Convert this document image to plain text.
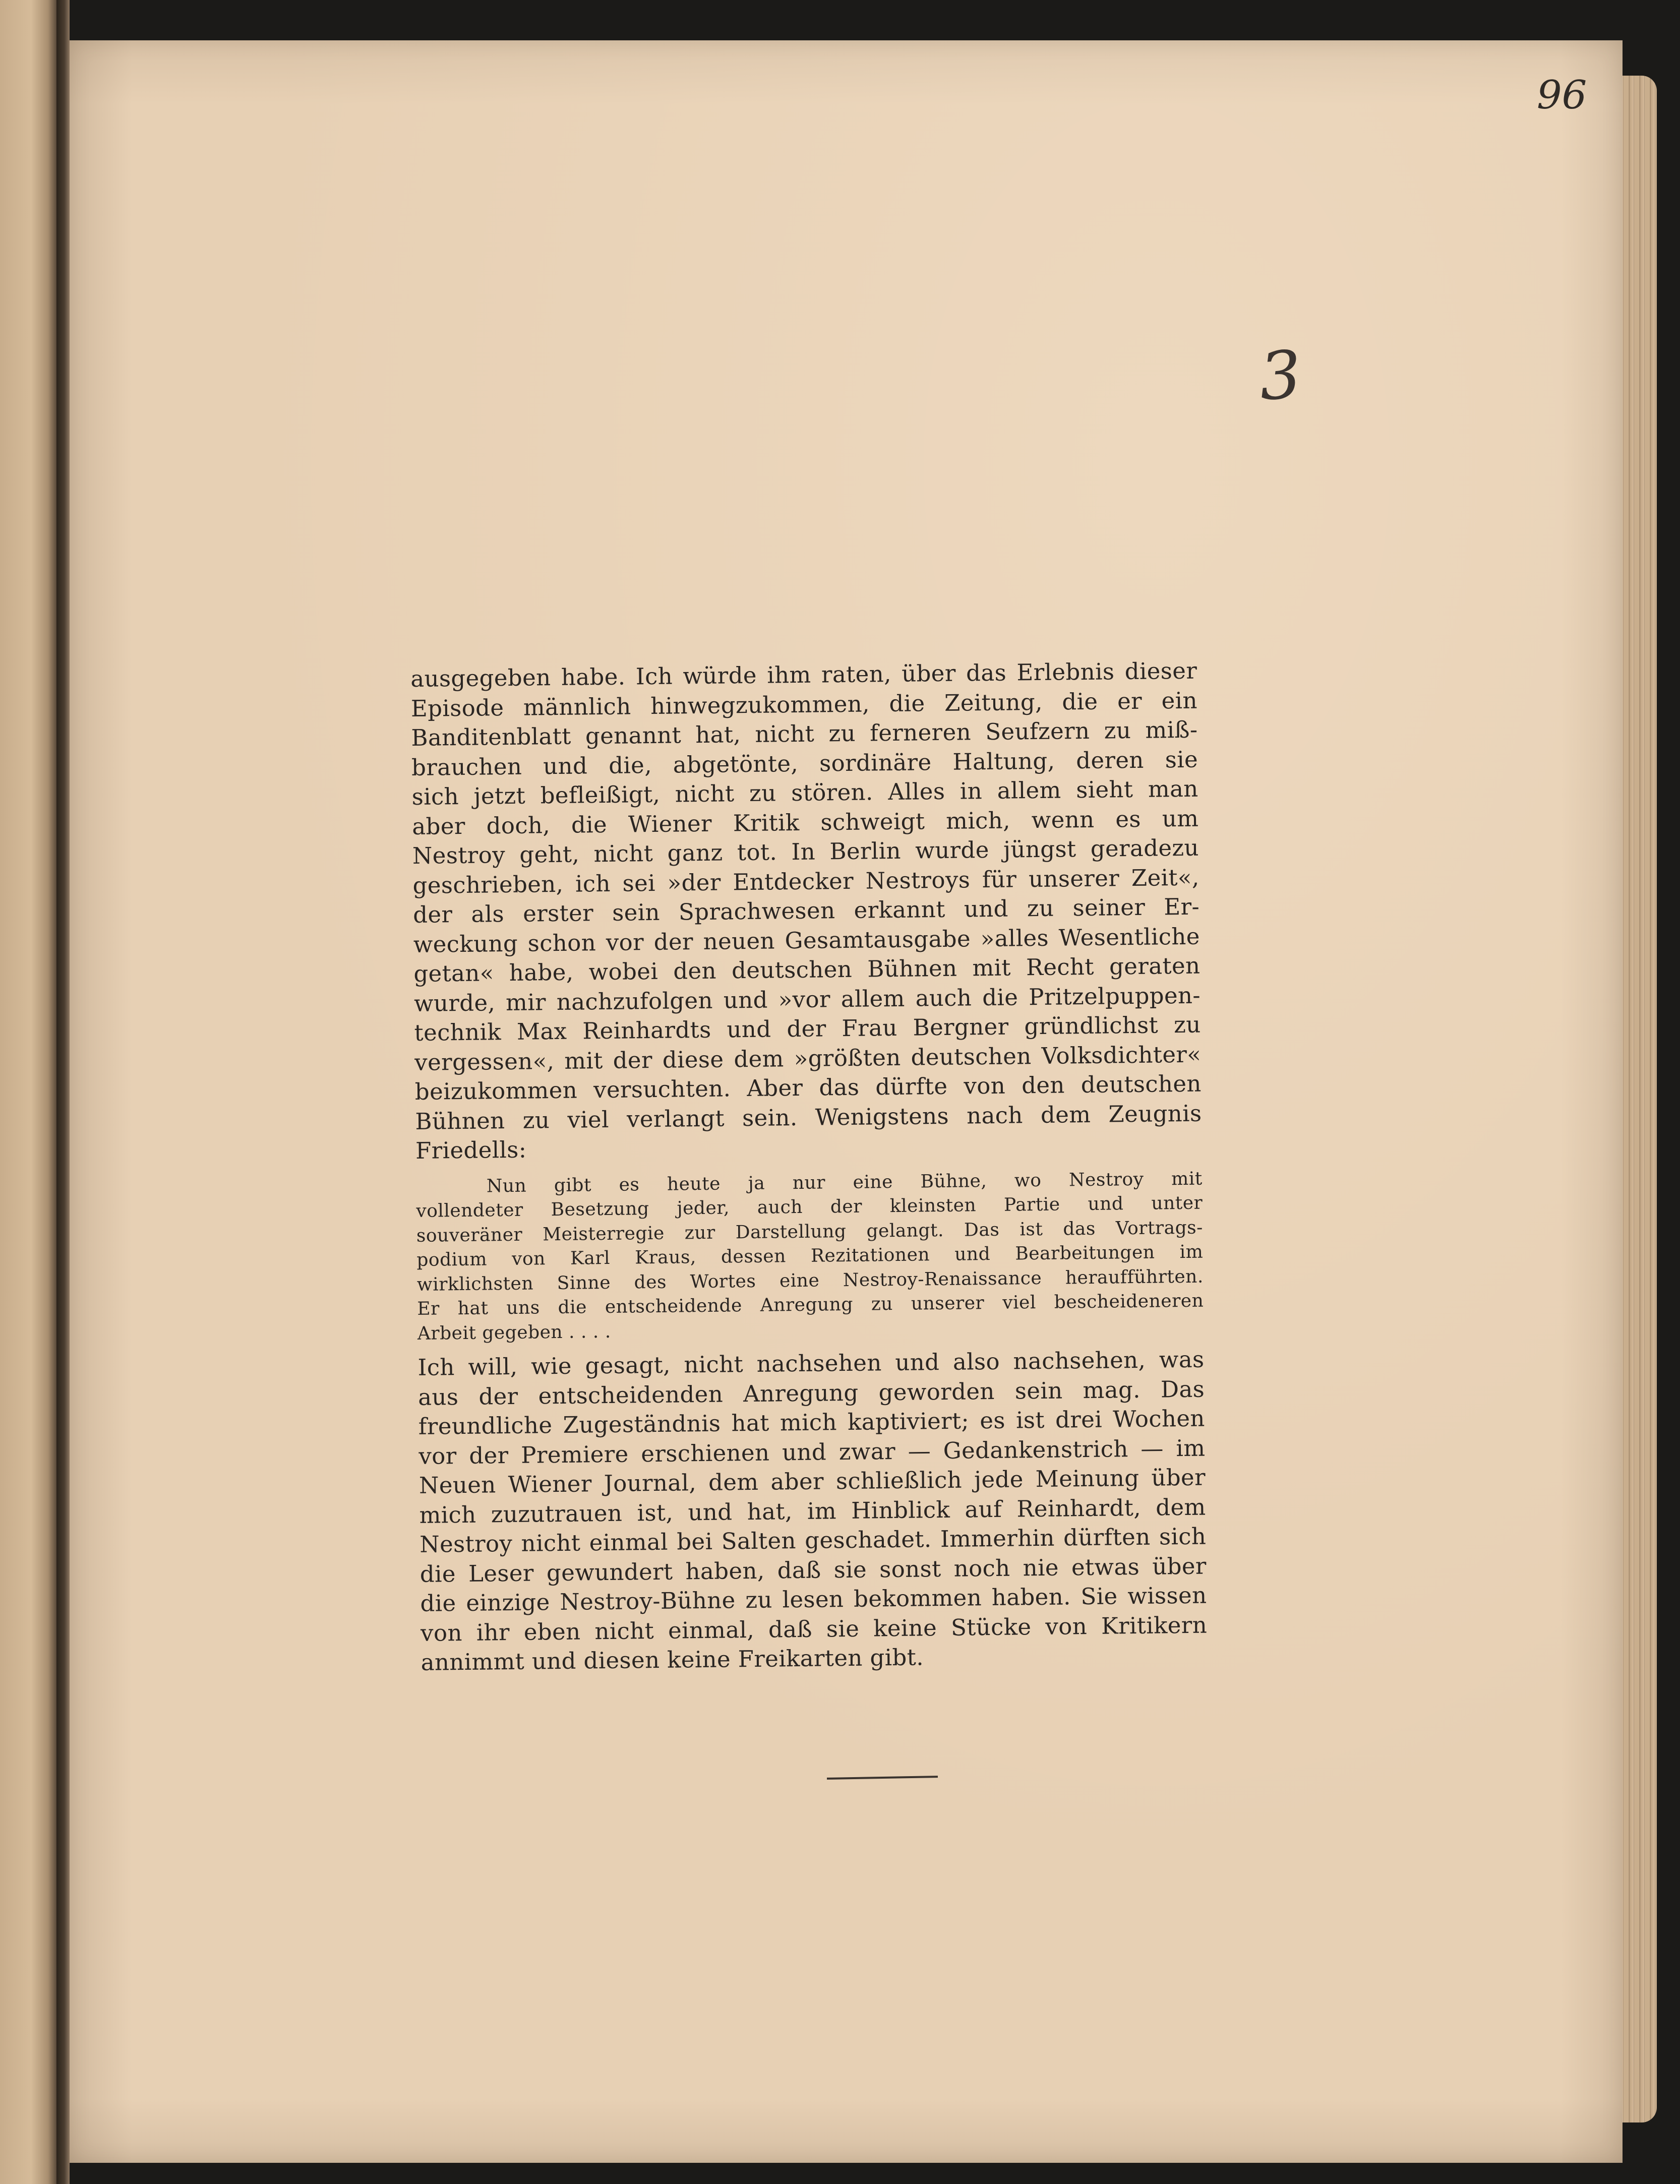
96
3
ausgegeben habe. Ich würde ihm raten, über das Erlebnis dieser
Episode männlich hinwegzukommen, die Zeitung, die er ein
Banditenblatt genannt hat, nicht zu ferneren Seufzern zu miß-
brauchen und die, abgetönte, sordinäre Haltung, deren sie
sich jetzt befleißigt, nicht zu stören. Alles in allem sieht man
aber doch, die Wiener Kritik schweigt mich, wenn es um
Nestroy geht, nicht ganz tot. In Berlin wurde jüngst geradezu
geschrieben, ich sei »der Entdecker Nestroys für unserer Zeit«,
der als erster sein Sprachwesen erkannt und zu seiner Er-
weckung schon vor der neuen Gesamtausgabe »alles Wesentliche
getan« habe, wobei den deutschen Bühnen mit Recht geraten
wurde, mir nachzufolgen und »vor allem auch die Pritzelpuppen-
technik Max Reinhardts und der Frau Bergner gründlichst zu
vergessen«, mit der diese dem »größten deutschen Volksdichter«
beizukommen versuchten. Aber das dürfte von den deutschen
Bühnen zu viel verlangt sein. Wenigstens nach dem Zeugnis
Friedells:
Nun gibt es heute ja nur eine Bühne, wo Nestroy mit
vollendeter Besetzung jeder, auch der kleinsten Partie und unter
souveräner Meisterregie zur Darstellung gelangt. Das ist das Vortrags-
podium von Karl Kraus, dessen Rezitationen und Bearbeitungen im
wirklichsten Sinne des Wortes eine Nestroy-Renaissance heraufführten.
Er hat uns die entscheidende Anregung zu unserer viel bescheideneren
Arbeit gegeben . . . .
Ich will, wie gesagt, nicht nachsehen und also nachsehen, was
aus der entscheidenden Anregung geworden sein mag. Das
freundliche Zugeständnis hat mich kaptiviert; es ist drei Wochen
vor der Premiere erschienen und zwar — Gedankenstrich — im
Neuen Wiener Journal, dem aber schließlich jede Meinung über
mich zuzutrauen ist, und hat, im Hinblick auf Reinhardt, dem
Nestroy nicht einmal bei Salten geschadet. Immerhin dürften sich
die Leser gewundert haben, daß sie sonst noch nie etwas über
die einzige Nestroy-Bühne zu lesen bekommen haben. Sie wissen
von ihr eben nicht einmal, daß sie keine Stücke von Kritikern
annimmt und diesen keine Freikarten gibt.
